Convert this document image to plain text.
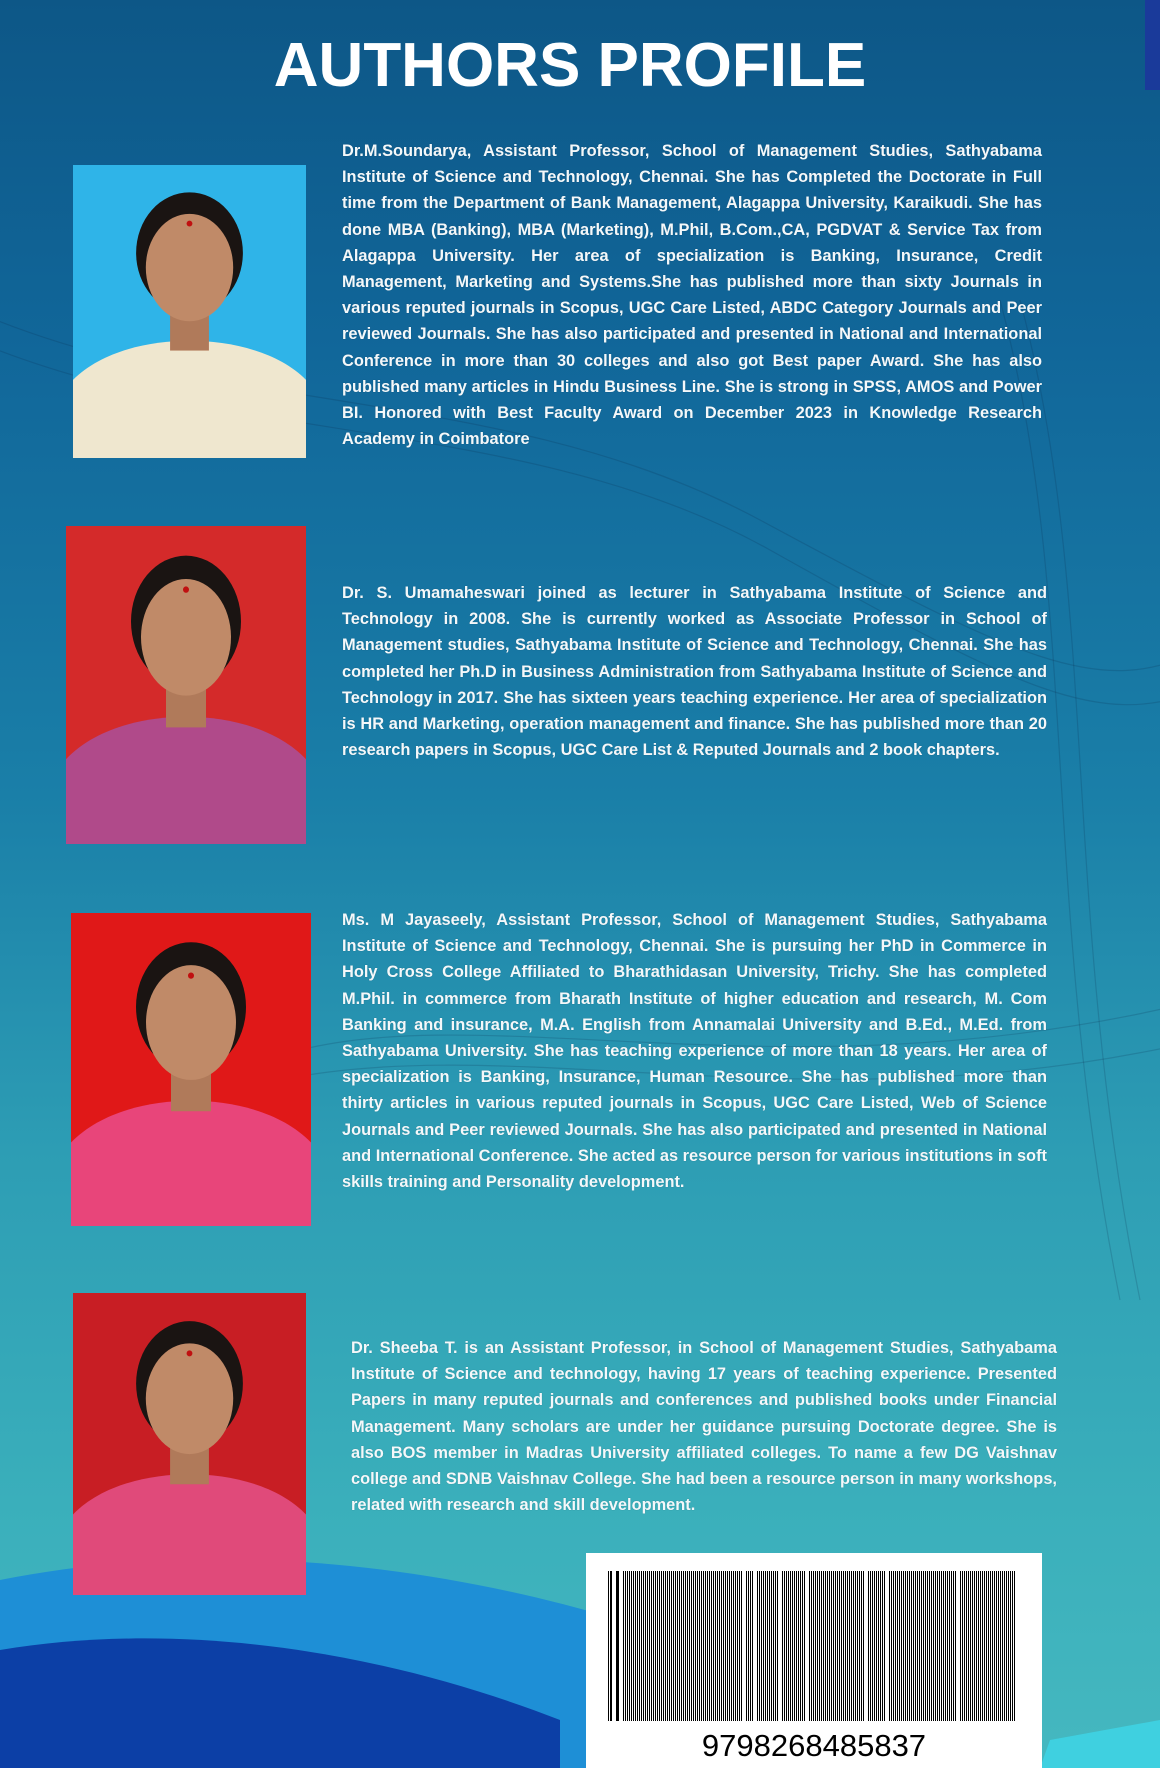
AUTHORS PROFILE
Dr.M.Soundarya, Assistant Professor, School of Management Studies, Sathyabama Institute of Science and Technology, Chennai. She has Completed the Doctorate in Full time from the Department of Bank Management, Alagappa University, Karaikudi. She has done MBA (Banking), MBA (Marketing), M.Phil, B.Com.,CA, PGDVAT & Service Tax from Alagappa University. Her area of specialization is Banking, Insurance, Credit Management, Marketing and Systems.She has published more than sixty Journals in various reputed journals in Scopus, UGC Care Listed, ABDC Category Journals and Peer reviewed Journals. She has also participated and presented in National and International Conference in more than 30 colleges and also got Best paper Award. She has also published many articles in Hindu Business Line. She is strong in SPSS, AMOS and Power BI. Honored with Best Faculty Award on December 2023 in Knowledge Research Academy in Coimbatore
Dr. S. Umamaheswari joined as lecturer in Sathyabama Institute of Science and Technology in 2008. She is currently worked as Associate Professor in School of Management studies, Sathyabama Institute of Science and Technology, Chennai. She has completed her Ph.D in Business Administration from Sathyabama Institute of Science and Technology in 2017. She has sixteen years teaching experience. Her area of specialization is HR and Marketing, operation management and finance. She has published more than 20 research papers in Scopus, UGC Care List & Reputed Journals and 2 book chapters.
Ms. M Jayaseely, Assistant Professor, School of Management Studies, Sathyabama Institute of Science and Technology, Chennai. She is pursuing her PhD in Commerce in Holy Cross College Affiliated to Bharathidasan University, Trichy. She has completed M.Phil. in commerce from Bharath Institute of higher education and research, M. Com Banking and insurance, M.A. English from Annamalai University and B.Ed., M.Ed. from Sathyabama University. She has teaching experience of more than 18 years. Her area of specialization is Banking, Insurance, Human Resource. She has published more than thirty articles in various reputed journals in Scopus, UGC Care Listed, Web of Science Journals and Peer reviewed Journals. She has also participated and presented in National and International Conference. She acted as resource person for various institutions in soft skills training and Personality development.
Dr. Sheeba T. is an Assistant Professor, in School of Management Studies, Sathyabama Institute of Science and technology, having 17 years of teaching experience. Presented Papers in many reputed journals and conferences and published books under Financial Management. Many scholars are under her guidance pursuing Doctorate degree. She is also BOS member in Madras University affiliated colleges. To name a few DG Vaishnav college and SDNB Vaishnav College. She had been a resource person in many workshops, related with research and skill development.
9798268485837
